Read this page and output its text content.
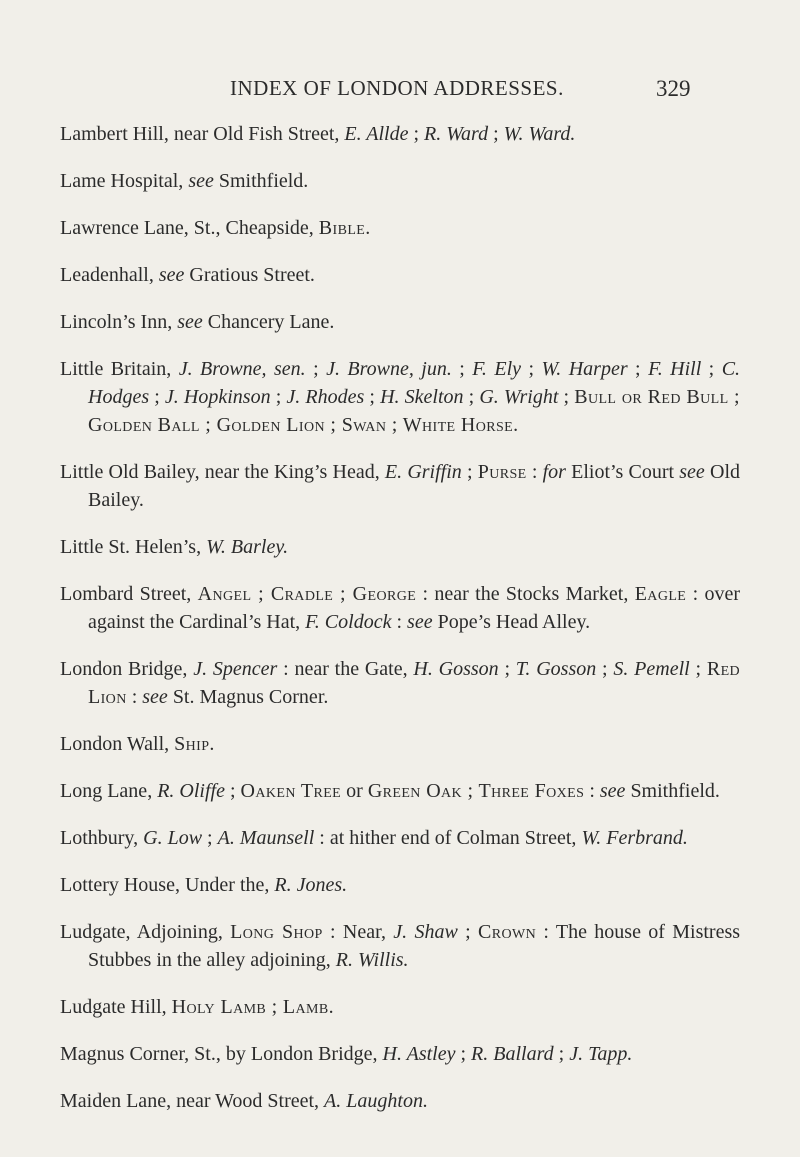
INDEX OF LONDON ADDRESSES.	329

Lambert Hill, near Old Fish Street, E. Allde ; R. Ward ; W. Ward.

Lame Hospital, see Smithfield.

Lawrence Lane, St., Cheapside, Bible.

Leadenhall, see Gratious Street.

Lincoln’s Inn, see Chancery Lane.

Little Britain, J. Browne, sen. ; J. Browne, jun. ; F. Ely ; W. Harper ; F. Hill ; C. Hodges ; J. Hopkinson ; J. Rhodes ; H. Skelton ; G. Wright ; Bull or Red Bull ; Golden Ball ; Golden Lion ; Swan ; White Horse.

Little Old Bailey, near the King’s Head, E. Griffin ; Purse : for Eliot’s Court see Old Bailey.

Little St. Helen’s, W. Barley.

Lombard Street, Angel ; Cradle ; George : near the Stocks Market, Eagle : over against the Cardinal’s Hat, F. Coldock : see Pope’s Head Alley.

London Bridge, J. Spencer : near the Gate, H. Gosson ; T. Gosson ; S. Pemell ; Red Lion : see St. Magnus Corner.

London Wall, Ship.

Long Lane, R. Oliffe ; Oaken Tree or Green Oak ; Three Foxes : see Smithfield.

Lothbury, G. Low ; A. Maunsell : at hither end of Colman Street, W. Ferbrand.

Lottery House, Under the, R. Jones.

Ludgate, Adjoining, Long Shop : Near, J. Shaw ; Crown : The house of Mistress Stubbes in the alley adjoining, R. Willis.

Ludgate Hill, Holy Lamb ; Lamb.

Magnus Corner, St., by London Bridge, H. Astley ; R. Ballard ; J. Tapp.

Maiden Lane, near Wood Street, A. Laughton.
